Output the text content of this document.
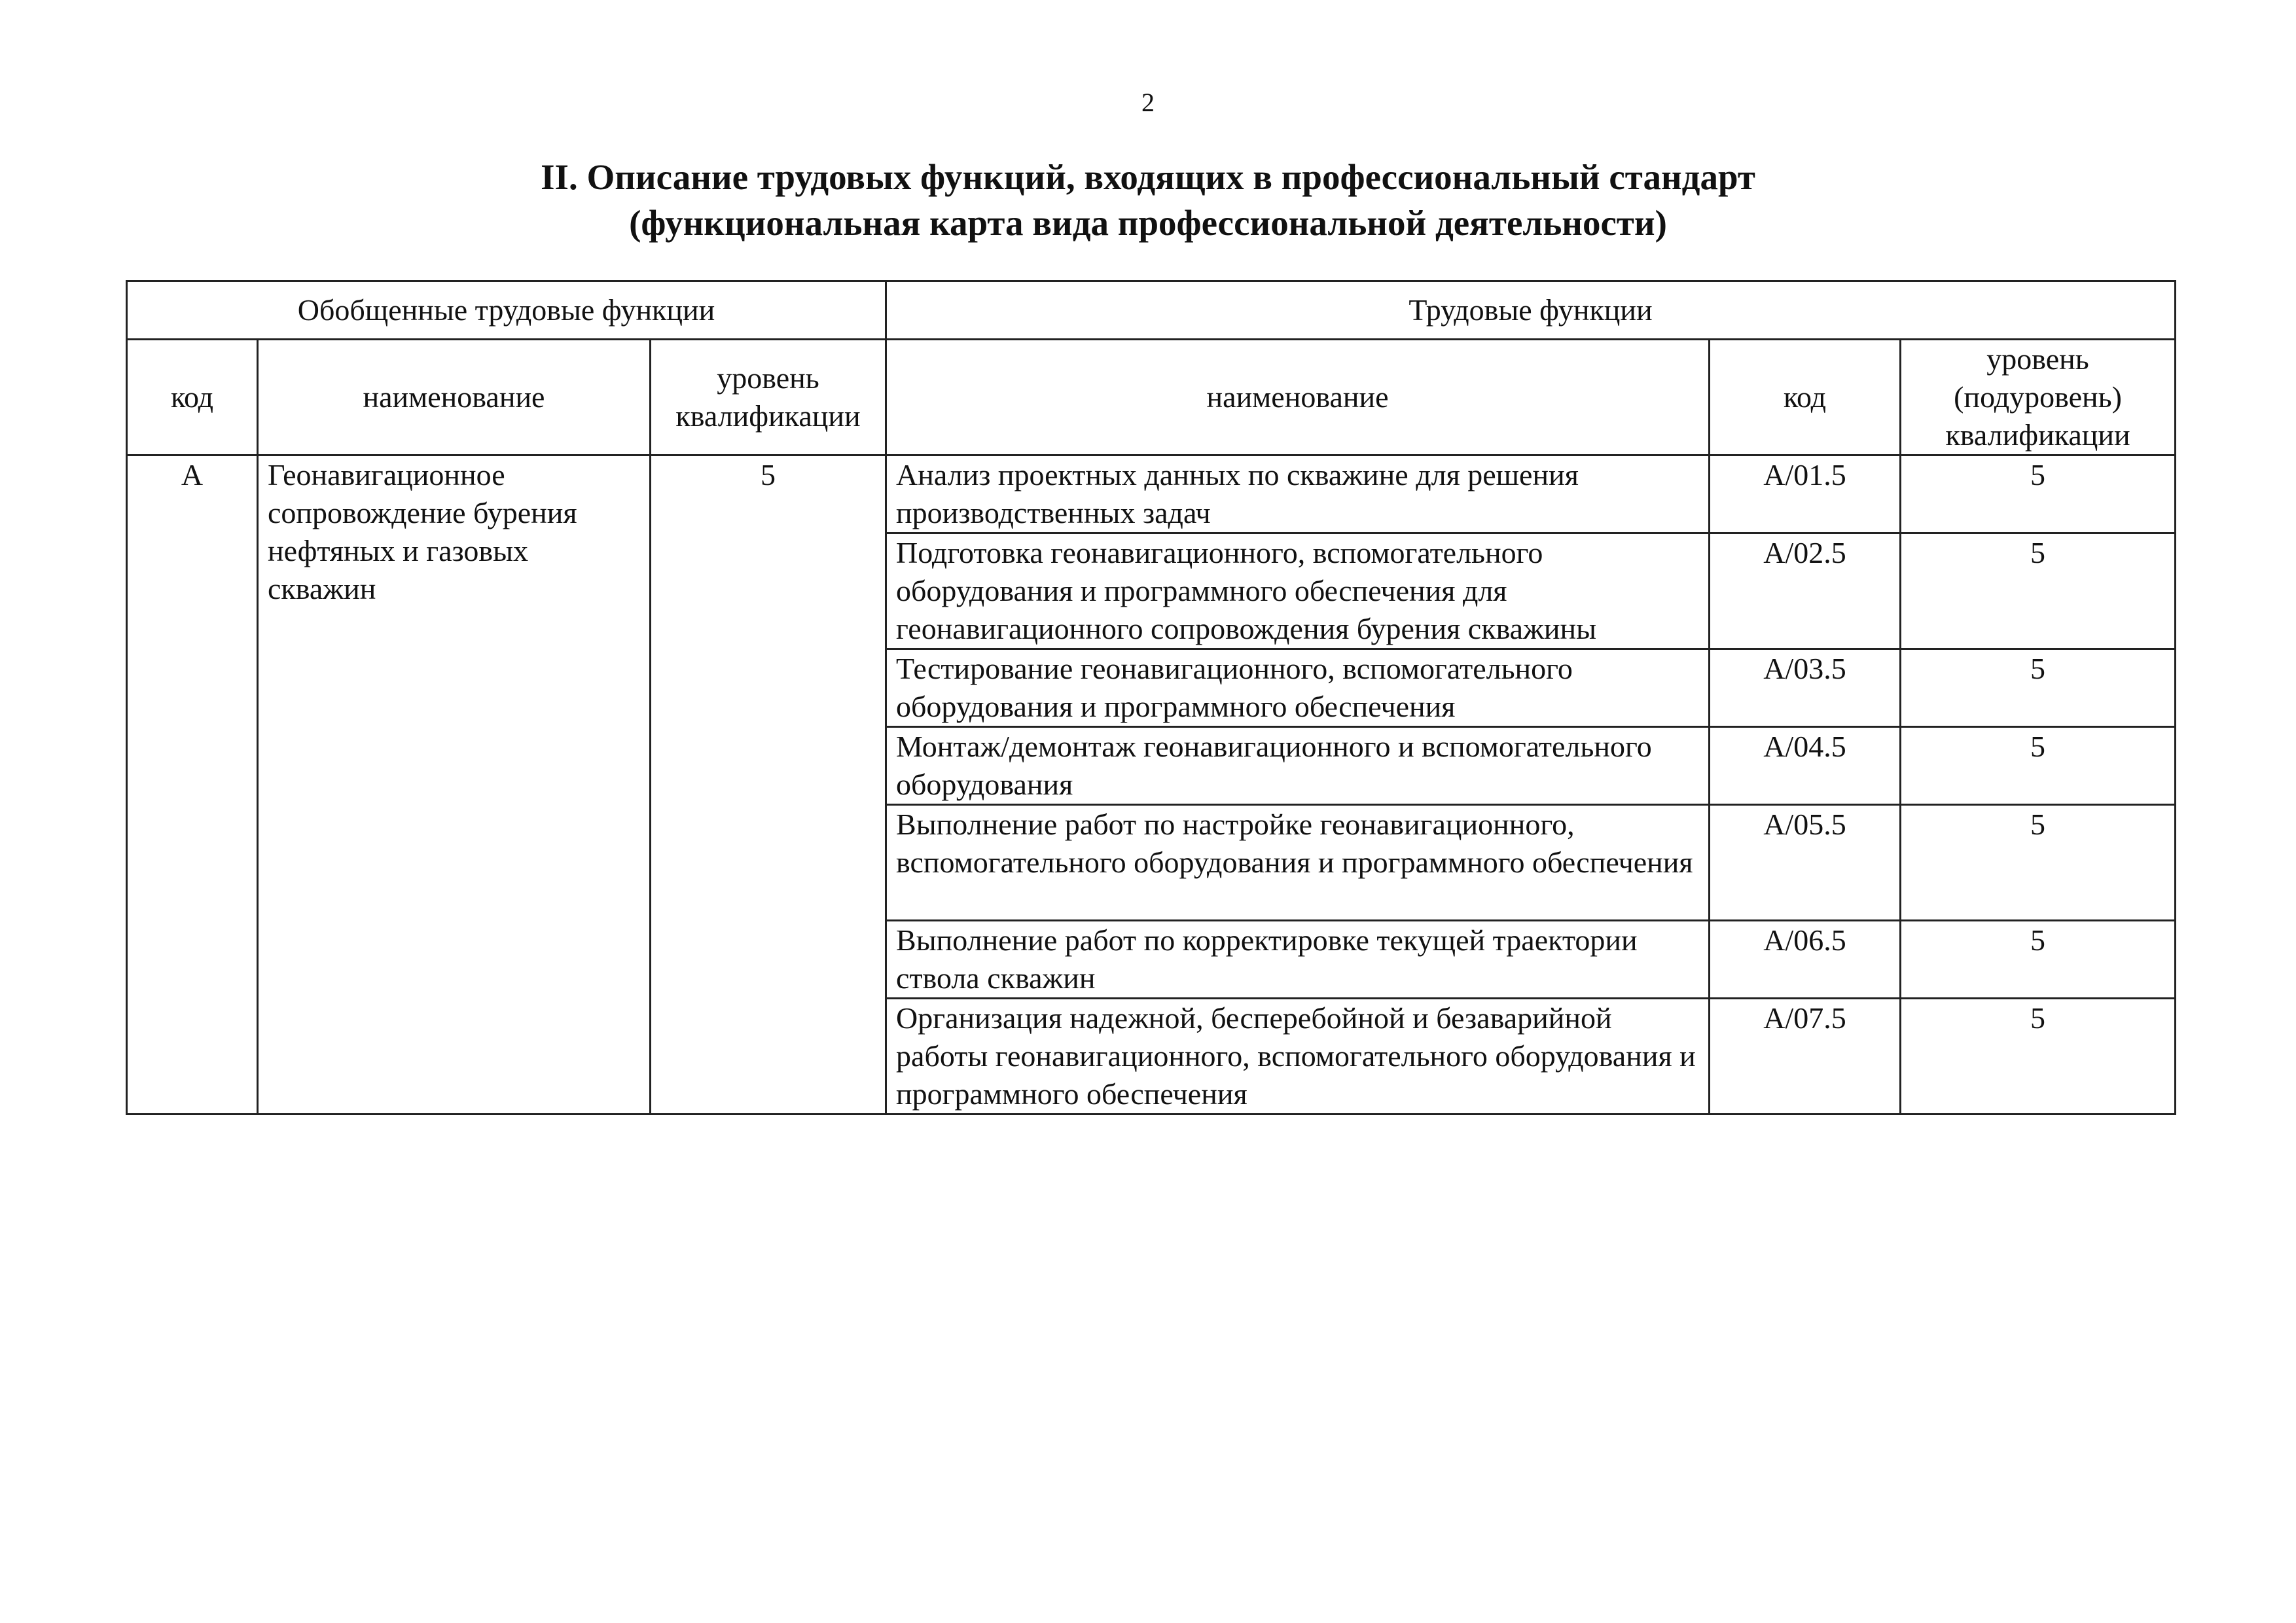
2
II. Описание трудовых функций, входящих в профессиональный стандарт
(функциональная карта вида профессиональной деятельности)
Обобщенные трудовые функции			Трудовые функции		
код	наименование	уровень квалификации	наименование	код	уровень (подуровень) квалификации
А	Геонавигационное сопровождение бурения нефтяных и газовых скважин	5	Анализ проектных данных по скважине для решения производственных задач	А/01.5	5
			Подготовка геонавигационного, вспомогательного оборудования и программного обеспечения для геонавигационного сопровождения бурения скважины	А/02.5	5
			Тестирование геонавигационного, вспомогательного оборудования и программного обеспечения	А/03.5	5
			Монтаж/демонтаж геонавигационного и вспомогательного оборудования	А/04.5	5
			Выполнение работ по настройке геонавигационного, вспомогательного оборудования и программного обеспечения	А/05.5	5
			Выполнение работ по корректировке текущей траектории ствола скважин	А/06.5	5
			Организация надежной, бесперебойной и безаварийной работы геонавигационного, вспомогательного оборудования и программного обеспечения	А/07.5	5
